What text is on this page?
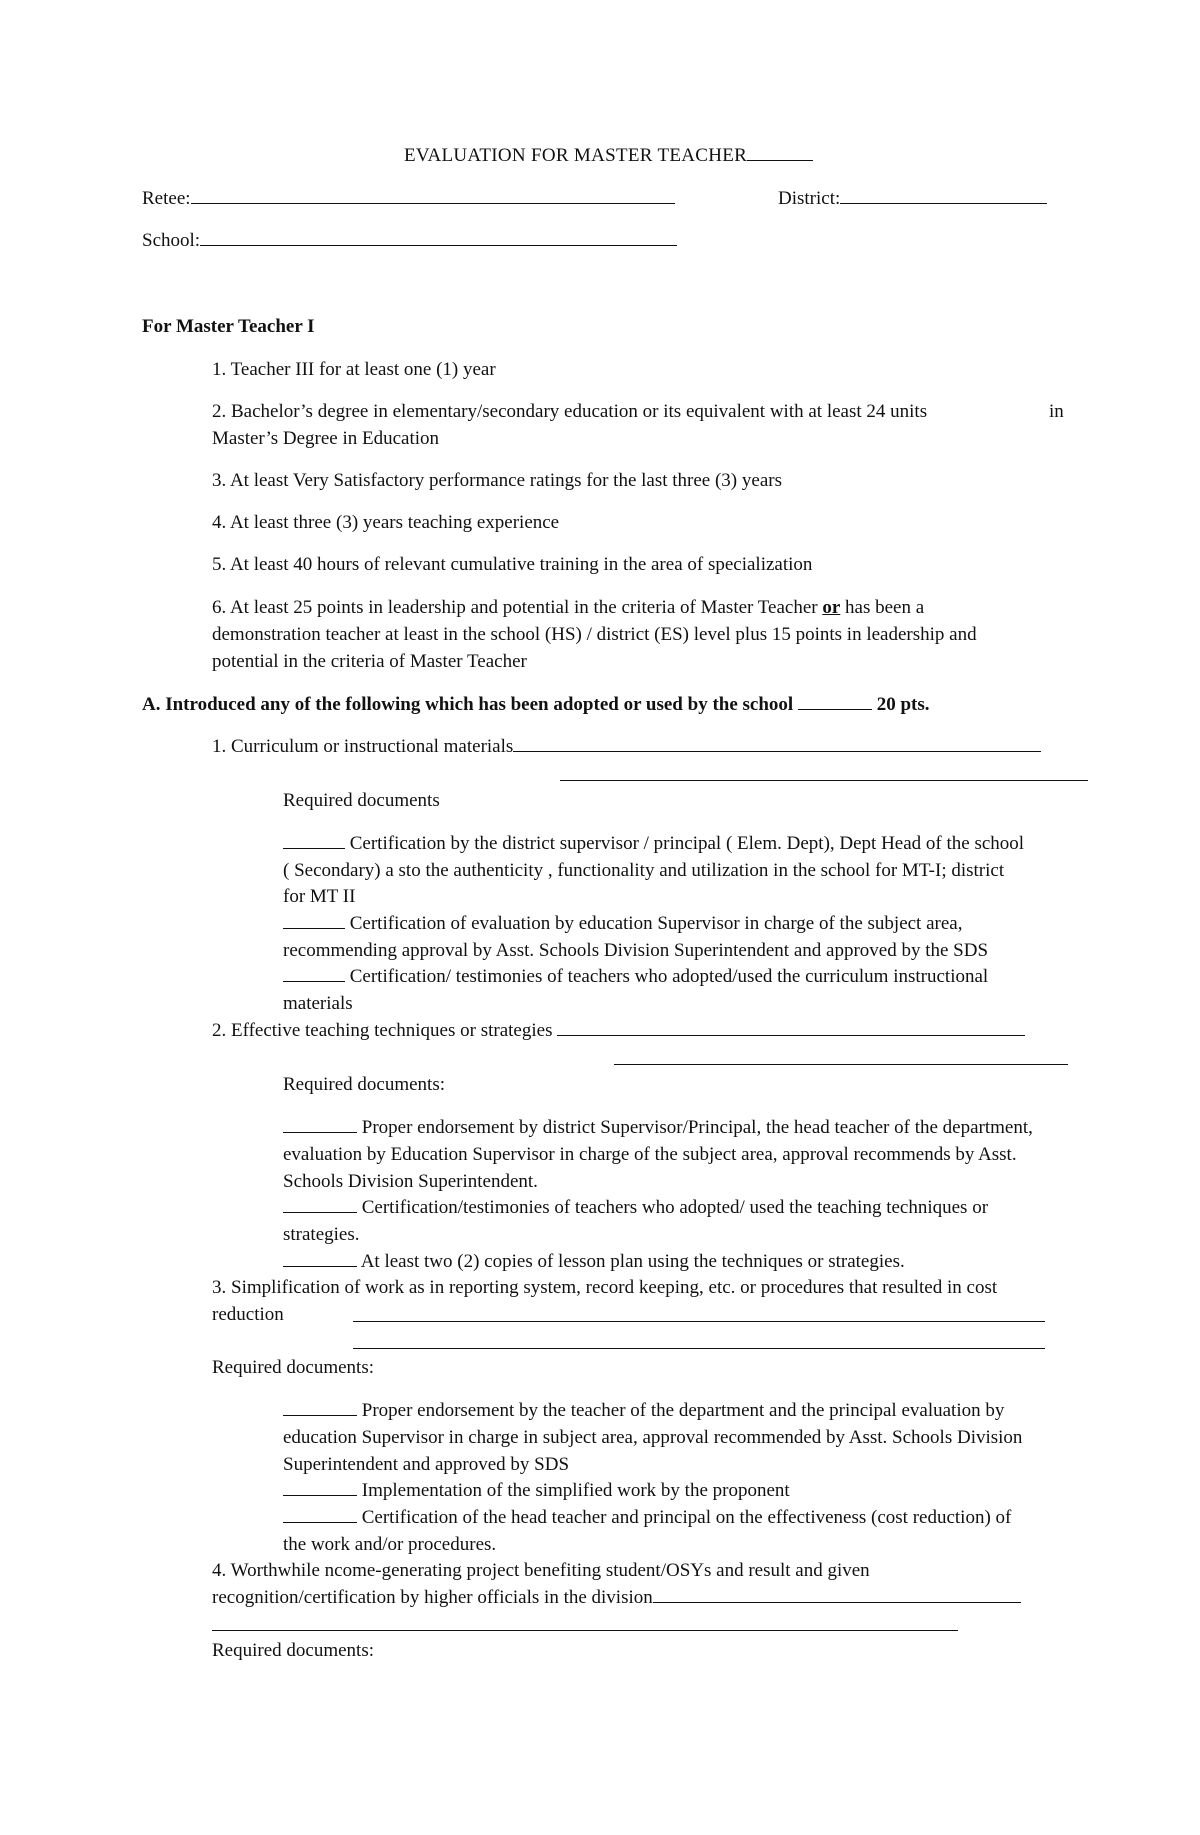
EVALUATION FOR MASTER TEACHER
Retee:	District:
School:
For Master Teacher I
1. Teacher III for at least one (1) year
2. Bachelor’s degree in elementary/secondary education or its equivalent with at least 24 units	in
Master’s Degree in Education
3. At least Very Satisfactory performance ratings for the last three (3) years
4. At least three (3) years teaching experience
5. At least 40 hours of relevant cumulative training in the area of specialization
6. At least 25 points in leadership and potential in the criteria of Master Teacher or has been a
demonstration teacher at least in the school (HS) / district (ES) level plus 15 points in leadership and
potential in the criteria of Master Teacher
A. Introduced any of the following which has been adopted or used by the school	20 pts.
1. Curriculum or instructional materials
Required documents
Certification by the district supervisor / principal ( Elem. Dept), Dept Head of the school
( Secondary) a sto the authenticity , functionality and utilization in the school for MT-I; district
for MT II
Certification of evaluation by education Supervisor in charge of the subject area,
recommending approval by Asst. Schools Division Superintendent and approved by the SDS
Certification/ testimonies of teachers who adopted/used the curriculum instructional
materials
2. Effective teaching techniques or strategies
Required documents:
Proper endorsement by district Supervisor/Principal, the head teacher of the department,
evaluation by Education Supervisor in charge of the subject area, approval recommends by Asst.
Schools Division Superintendent.
Certification/testimonies of teachers who adopted/ used the teaching techniques or
strategies.
At least two (2) copies of lesson plan using the techniques or strategies.
3. Simplification of work as in reporting system, record keeping, etc. or procedures that resulted in cost
reduction
Required documents:
Proper endorsement by the teacher of the department and the principal evaluation by
education Supervisor in charge in subject area, approval recommended by Asst. Schools Division
Superintendent and approved by SDS
Implementation of the simplified work by the proponent
Certification of the head teacher and principal on the effectiveness (cost reduction) of
the work and/or procedures.
4. Worthwhile ncome-generating project benefiting student/OSYs and result and given
recognition/certification by higher officials in the division
Required documents:
